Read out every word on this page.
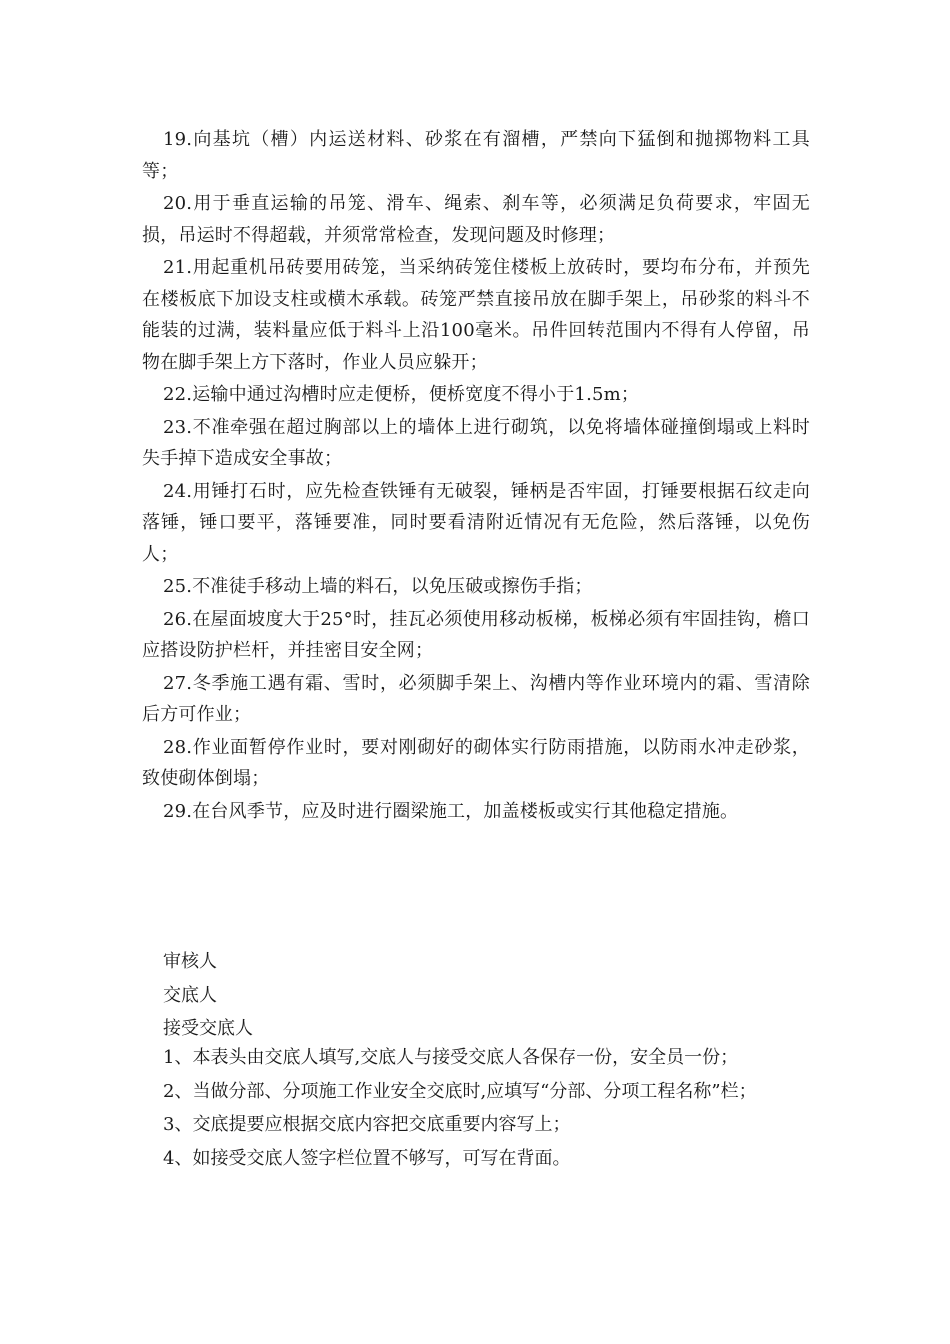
19.向基坑（槽）内运送材料、砂浆在有溜槽，严禁向下猛倒和抛掷物料工具等；

20.用于垂直运输的吊笼、滑车、绳索、刹车等，必须满足负荷要求，牢固无损，吊运时不得超载，并须常常检查，发现问题及时修理；

21.用起重机吊砖要用砖笼，当采纳砖笼住楼板上放砖时，要均布分布，并预先在楼板底下加设支柱或横木承载。砖笼严禁直接吊放在脚手架上，吊砂浆的料斗不能装的过满，装料量应低于料斗上沿100毫米。吊件回转范围内不得有人停留，吊物在脚手架上方下落时，作业人员应躲开；

22.运输中通过沟槽时应走便桥，便桥宽度不得小于1.5m；

23.不准牵强在超过胸部以上的墙体上进行砌筑，以免将墙体碰撞倒塌或上料时失手掉下造成安全事故；

24.用锤打石时，应先检查铁锤有无破裂，锤柄是否牢固，打锤要根据石纹走向落锤，锤口要平，落锤要准，同时要看清附近情况有无危险，然后落锤，以免伤人；

25.不准徒手移动上墙的料石，以免压破或擦伤手指；

26.在屋面坡度大于25°时，挂瓦必须使用移动板梯，板梯必须有牢固挂钩，檐口应搭设防护栏杆，并挂密目安全网；

27.冬季施工遇有霜、雪时，必须脚手架上、沟槽内等作业环境内的霜、雪清除后方可作业；

28.作业面暂停作业时，要对刚砌好的砌体实行防雨措施，以防雨水冲走砂浆，致使砌体倒塌；

29.在台风季节，应及时进行圈梁施工，加盖楼板或实行其他稳定措施。

审核人
交底人
接受交底人
1、本表头由交底人填写,交底人与接受交底人各保存一份，安全员一份；
2、当做分部、分项施工作业安全交底时,应填写“分部、分项工程名称”栏；
3、交底提要应根据交底内容把交底重要内容写上；
4、如接受交底人签字栏位置不够写，可写在背面。
